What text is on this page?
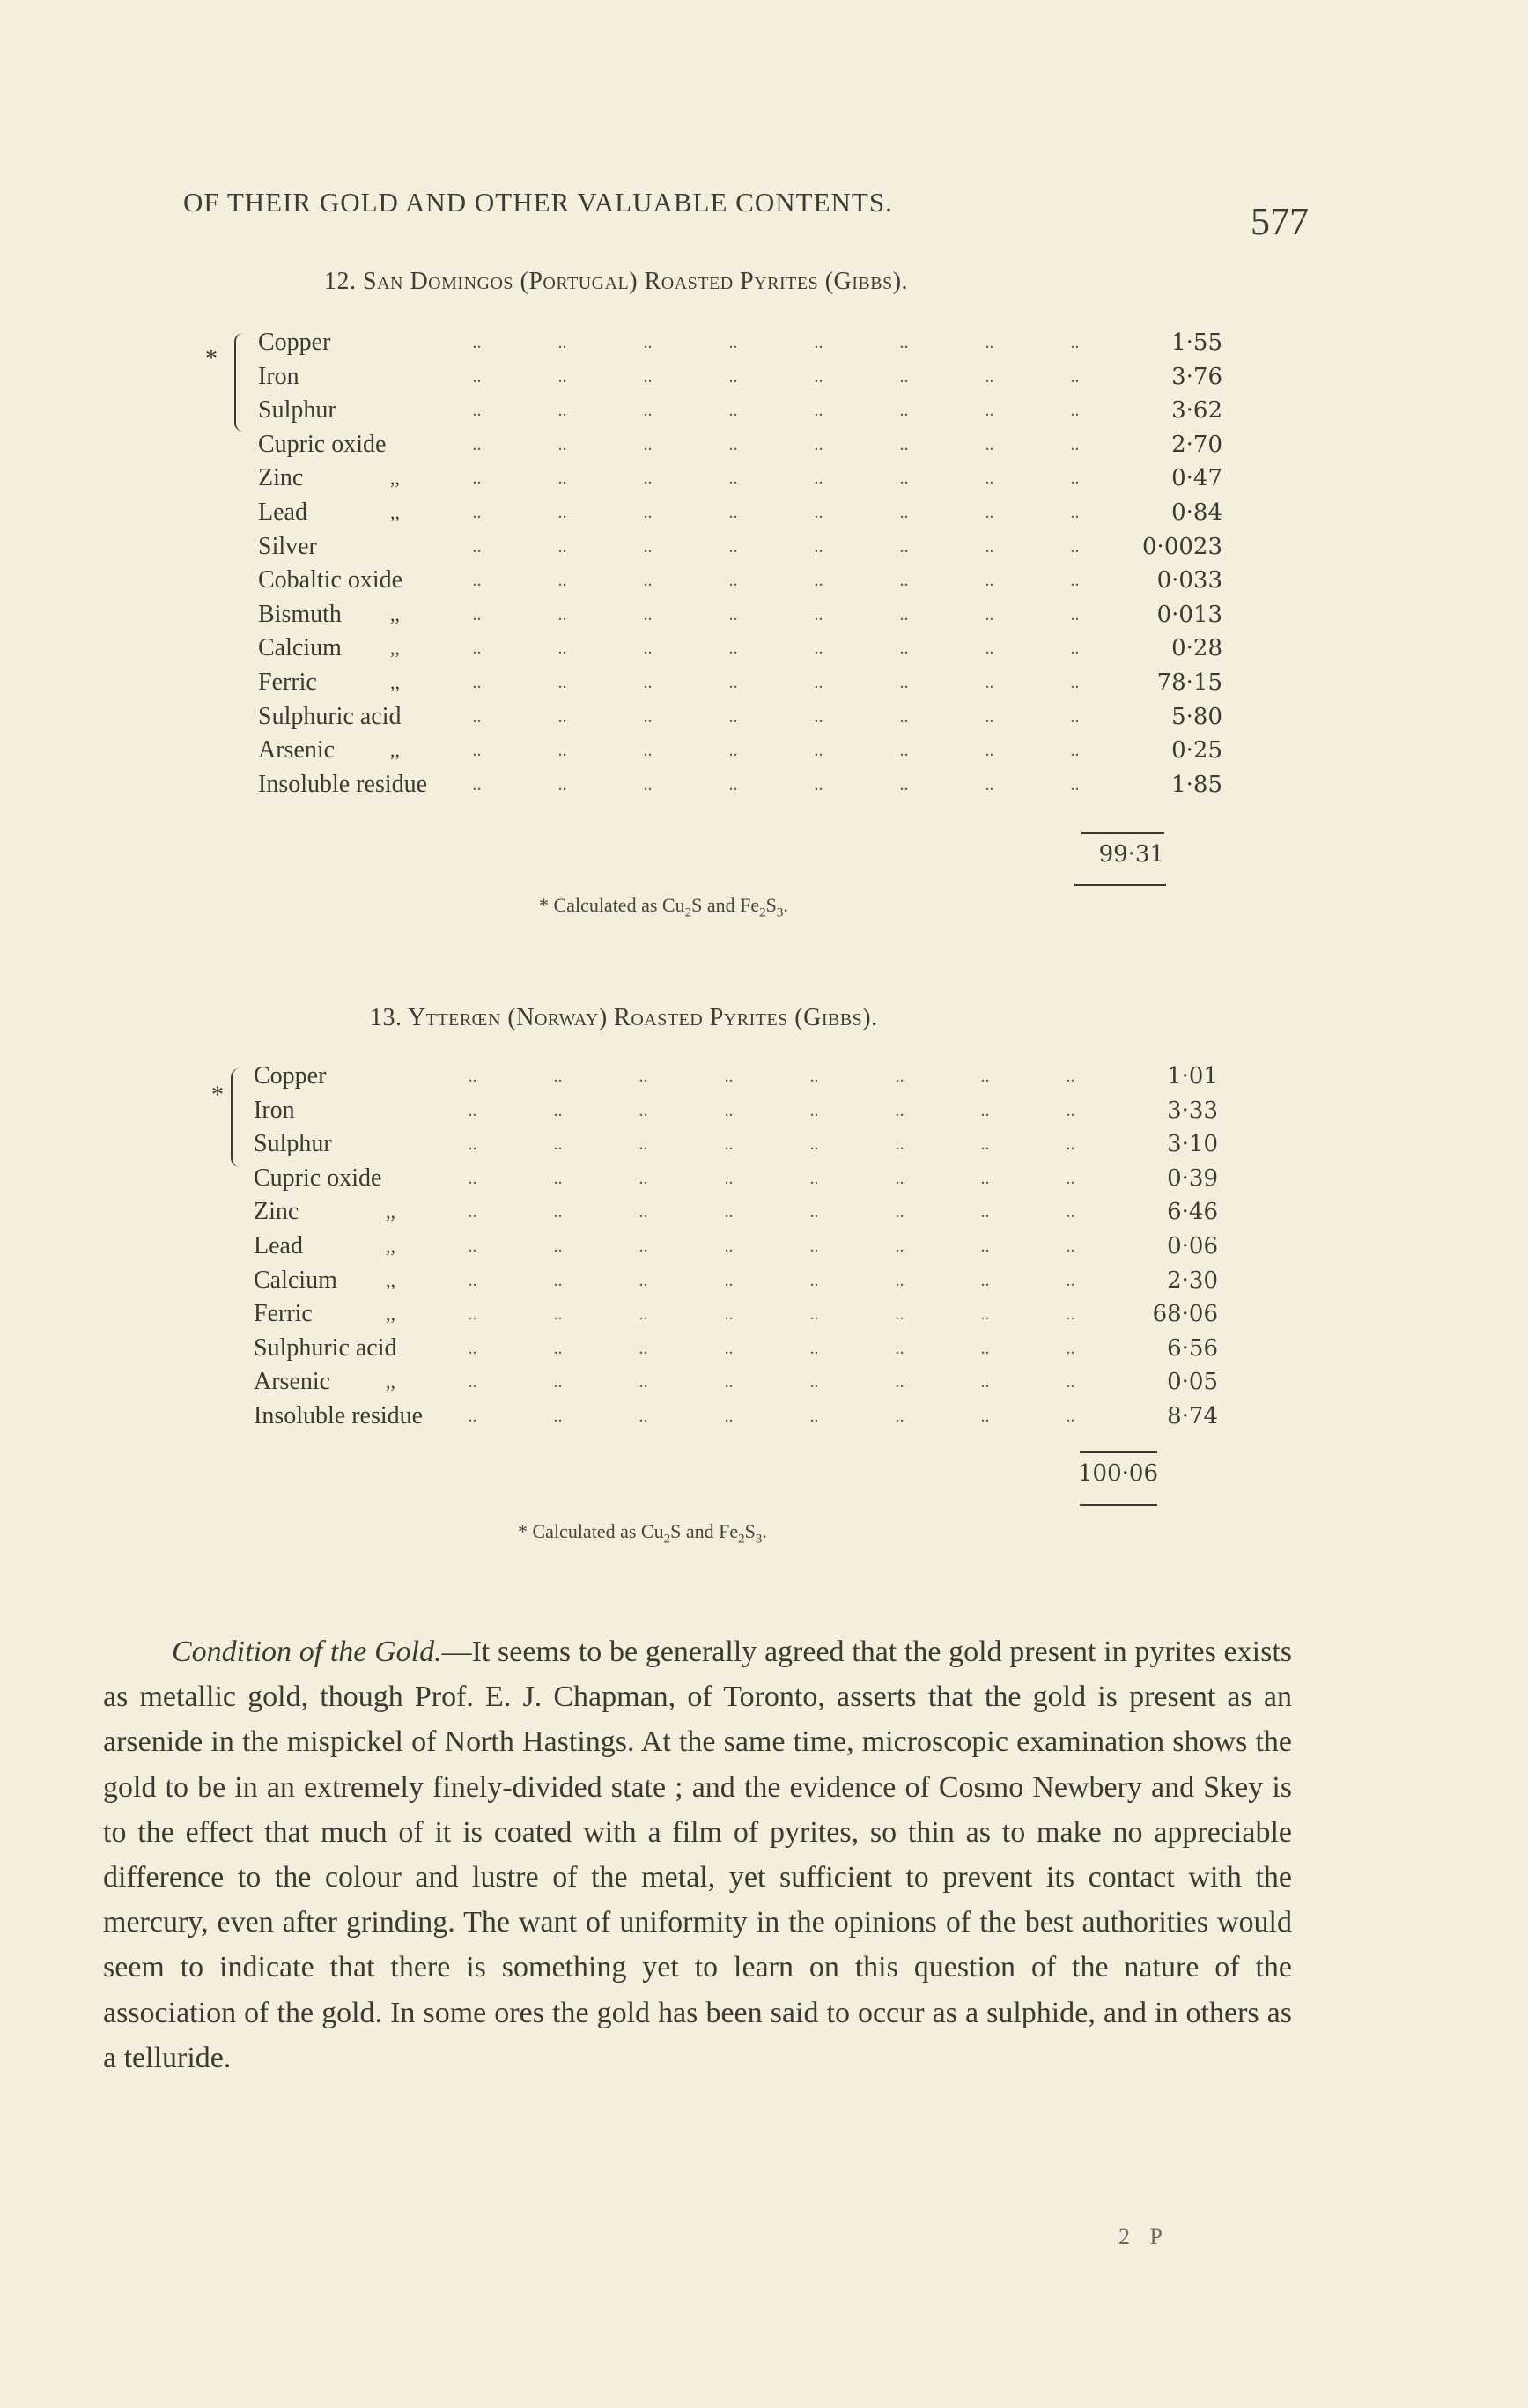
OF THEIR GOLD AND OTHER VALUABLE CONTENTS.	577
12. San Domingos (Portugal) Roasted Pyrites (Gibbs).
*
Copper	..	..	..	..	..	..	..	..	1·55
Iron	..	..	..	..	..	..	..	..	3·76
Sulphur	..	..	..	..	..	..	..	..	3·62
Cupric oxide	..	..	..	..	..	..	..	..	2·70
Zinc	,,	..	..	..	..	..	..	..	..	0·47
Lead	,,	..	..	..	..	..	..	..	..	0·84
Silver	..	..	..	..	..	..	..	..	0·0023
Cobaltic oxide	..	..	..	..	..	..	..	..	0·033
Bismuth	,,	..	..	..	..	..	..	..	..	0·013
Calcium	,,	..	..	..	..	..	..	..	..	0·28
Ferric	,,	..	..	..	..	..	..	..	..	78·15
Sulphuric acid	..	..	..	..	..	..	..	..	5·80
Arsenic	,,	..	..	..	..	..	..	..	..	0·25
Insoluble residue	..	..	..	..	..	..	..	..	1·85
99·31
* Calculated as $Cu_2S$ and $Fe_2S_3$.
13. Ytterœn (Norway) Roasted Pyrites (Gibbs).
*
Copper	..	..	..	..	..	..	..	..	1·01
Iron	..	..	..	..	..	..	..	..	3·33
Sulphur	..	..	..	..	..	..	..	..	3·10
Cupric oxide	..	..	..	..	..	..	..	..	0·39
Zinc	,,	..	..	..	..	..	..	..	..	6·46
Lead	,,	..	..	..	..	..	..	..	..	0·06
Calcium	,,	..	..	..	..	..	..	..	..	2·30
Ferric	,,	..	..	..	..	..	..	..	..	68·06
Sulphuric acid	..	..	..	..	..	..	..	..	6·56
Arsenic	,,	..	..	..	..	..	..	..	..	0·05
Insoluble residue	..	..	..	..	..	..	..	..	8·74
100·06
* Calculated as $Cu_2S$ and $Fe_2S_3$.

Condition of the Gold.—It seems to be generally agreed that the gold present in pyrites exists as metallic gold, though Prof. E. J. Chapman, of Toronto, asserts that the gold is present as an arsenide in the mispickel of North Hastings. At the same time, microscopic examination shows the gold to be in an extremely finely-divided state ; and the evidence of Cosmo Newbery and Skey is to the effect that much of it is coated with a film of pyrites, so thin as to make no appreciable difference to the colour and lustre of the metal, yet sufficient to prevent its contact with the mercury, even after grinding. The want of uniformity in the opinions of the best authorities would seem to indicate that there is something yet to learn on this question of the nature of the association of the gold. In some ores the gold has been said to occur as a sulphide, and in others as a telluride.

2 P
